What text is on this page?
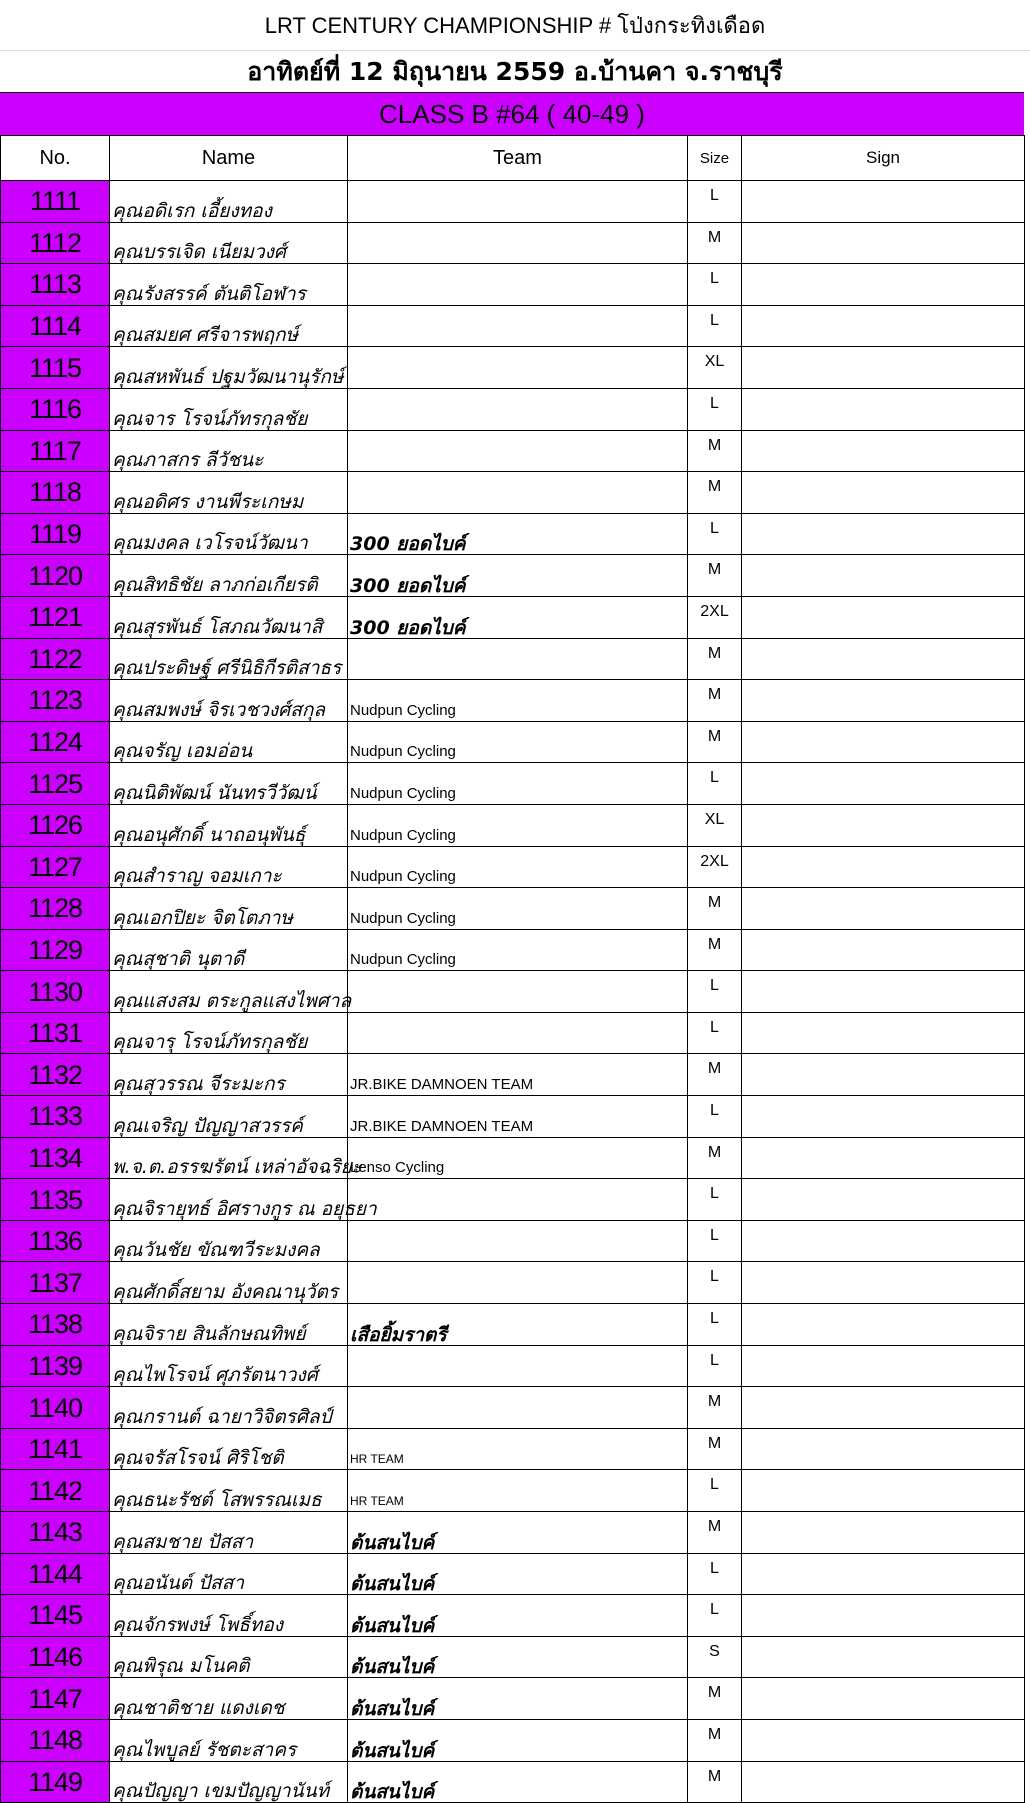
LRT CENTURY CHAMPIONSHIP # โป่งกระทิงเดือด
อาทิตย์ที่ 12 มิถุนายน 2559 อ.บ้านคา จ.ราชบุรี
CLASS B #64 ( 40-49 )
No.	Name	Team	Size	Sign
1111	คุณอดิเรก เอี้ยงทอง		L	
1112	คุณบรรเจิด เนียมวงศ์		M	
1113	คุณรังสรรค์ ตันติโอฬาร		L	
1114	คุณสมยศ ศรีจารพฤกษ์		L	
1115	คุณสหพันธ์ ปฐมวัฒนานุรักษ์		XL	
1116	คุณจาร โรจน์ภัทรกุลชัย		L	
1117	คุณภาสกร ลีวัชนะ		M	
1118	คุณอดิศร งานพีระเกษม		M	
1119	คุณมงคล เวโรจน์วัฒนา	300 ยอดไบค์	L	
1120	คุณสิทธิชัย ลาภก่อเกียรติ	300 ยอดไบค์	M	
1121	คุณสุรพันธ์ โสภณวัฒนาสิ	300 ยอดไบค์	2XL	
1122	คุณประดิษฐ์ ศรีนิธิกีรติสาธร		M	
1123	คุณสมพงษ์ จิรเวชวงศ์สกุล	Nudpun Cycling	M	
1124	คุณจรัญ เอมอ่อน	Nudpun Cycling	M	
1125	คุณนิติพัฒน์ นันทรวีวัฒน์	Nudpun Cycling	L	
1126	คุณอนุศักดิ์ นาถอนุพันธุ์	Nudpun Cycling	XL	
1127	คุณสำราญ จอมเกาะ	Nudpun Cycling	2XL	
1128	คุณเอกปิยะ จิตโตภาษ	Nudpun Cycling	M	
1129	คุณสุชาติ นุตาดี	Nudpun Cycling	M	
1130	คุณแสงสม ตระกูลแสงไพศาล		L	
1131	คุณจารุ โรจน์ภัทรกุลชัย		L	
1132	คุณสุวรรณ จีระมะกร	JR.BIKE DAMNOEN TEAM	M	
1133	คุณเจริญ ปัญญาสวรรค์	JR.BIKE DAMNOEN TEAM	L	
1134	พ.จ.ต.อรรฆรัตน์ เหล่าอัจฉริยะ	Lenso Cycling	M	
1135	คุณจิรายุทธ์ อิศรางกูร ณ อยุธยา		L	
1136	คุณวันชัย ขัณฑวีระมงคล		L	
1137	คุณศักดิ์สยาม อังคณานุวัตร		L	
1138	คุณจิราย สินลักษณทิพย์	เสือยิ้มราตรี	L	
1139	คุณไพโรจน์ ศุภรัตนาวงศ์		L	
1140	คุณกรานต์ ฉายาวิจิตรศิลป์		M	
1141	คุณจรัสโรจน์ ศิริโชติ	HR TEAM	M	
1142	คุณธนะรัชต์ โสพรรณเมธ	HR TEAM	L	
1143	คุณสมชาย ปัสสา	ต้นสนไบค์	M	
1144	คุณอนันต์ ปัสสา	ต้นสนไบค์	L	
1145	คุณจักรพงษ์ โพธิ์ทอง	ต้นสนไบค์	L	
1146	คุณพิรุณ มโนคติ	ต้นสนไบค์	S	
1147	คุณชาติชาย แดงเดช	ต้นสนไบค์	M	
1148	คุณไพบูลย์ รัชตะสาคร	ต้นสนไบค์	M	
1149	คุณปัญญา เขมปัญญานันท์	ต้นสนไบค์	M	
